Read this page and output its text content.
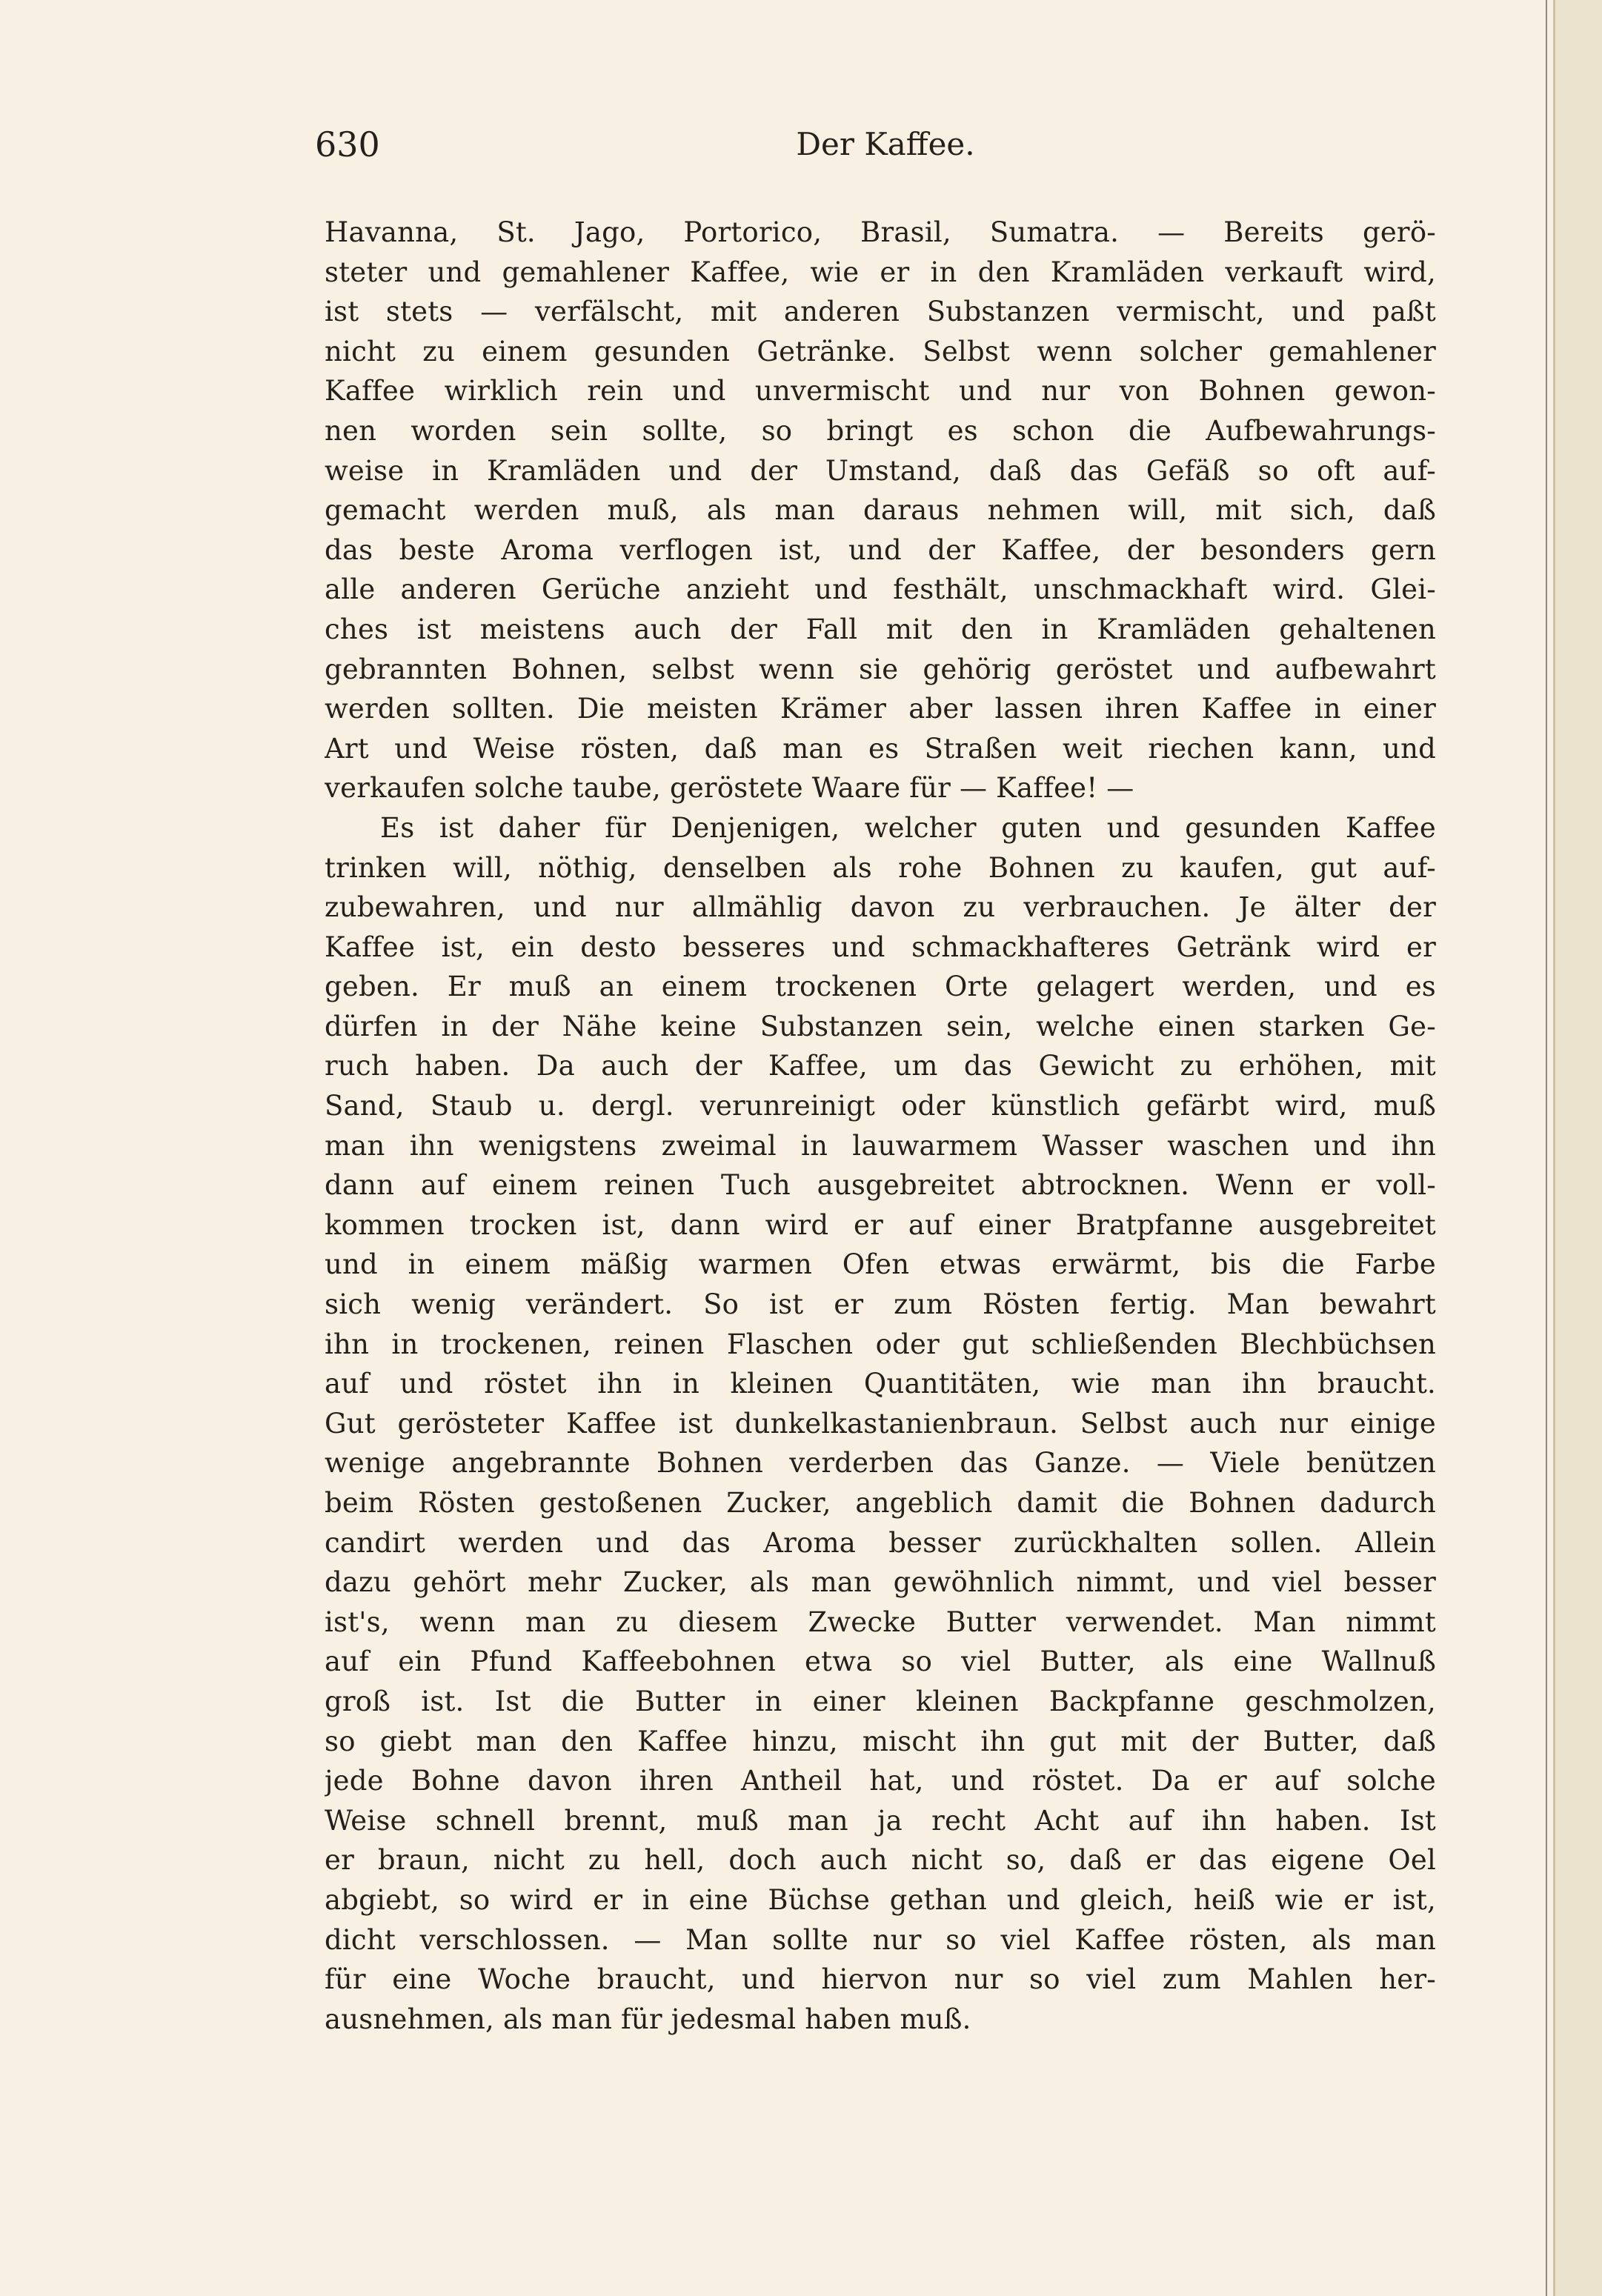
630	Der Kaffee.
Havanna, St. Jago, Portorico, Brasil, Sumatra. — Bereits gerö-
steter und gemahlener Kaffee, wie er in den Kramläden verkauft wird,
ist stets — verfälscht, mit anderen Substanzen vermischt, und paßt
nicht zu einem gesunden Getränke. Selbst wenn solcher gemahlener
Kaffee wirklich rein und unvermischt und nur von Bohnen gewon-
nen worden sein sollte, so bringt es schon die Aufbewahrungs-
weise in Kramläden und der Umstand, daß das Gefäß so oft auf-
gemacht werden muß, als man daraus nehmen will, mit sich, daß
das beste Aroma verflogen ist, und der Kaffee, der besonders gern
alle anderen Gerüche anzieht und festhält, unschmackhaft wird. Glei-
ches ist meistens auch der Fall mit den in Kramläden gehaltenen
gebrannten Bohnen, selbst wenn sie gehörig geröstet und aufbewahrt
werden sollten. Die meisten Krämer aber lassen ihren Kaffee in einer
Art und Weise rösten, daß man es Straßen weit riechen kann, und
verkaufen solche taube, geröstete Waare für — Kaffee! —
Es ist daher für Denjenigen, welcher guten und gesunden Kaffee
trinken will, nöthig, denselben als rohe Bohnen zu kaufen, gut auf-
zubewahren, und nur allmählig davon zu verbrauchen. Je älter der
Kaffee ist, ein desto besseres und schmackhafteres Getränk wird er
geben. Er muß an einem trockenen Orte gelagert werden, und es
dürfen in der Nähe keine Substanzen sein, welche einen starken Ge-
ruch haben. Da auch der Kaffee, um das Gewicht zu erhöhen, mit
Sand, Staub u. dergl. verunreinigt oder künstlich gefärbt wird, muß
man ihn wenigstens zweimal in lauwarmem Wasser waschen und ihn
dann auf einem reinen Tuch ausgebreitet abtrocknen. Wenn er voll-
kommen trocken ist, dann wird er auf einer Bratpfanne ausgebreitet
und in einem mäßig warmen Ofen etwas erwärmt, bis die Farbe
sich wenig verändert. So ist er zum Rösten fertig. Man bewahrt
ihn in trockenen, reinen Flaschen oder gut schließenden Blechbüchsen
auf und röstet ihn in kleinen Quantitäten, wie man ihn braucht.
Gut gerösteter Kaffee ist dunkelkastanienbraun. Selbst auch nur einige
wenige angebrannte Bohnen verderben das Ganze. — Viele benützen
beim Rösten gestoßenen Zucker, angeblich damit die Bohnen dadurch
candirt werden und das Aroma besser zurückhalten sollen. Allein
dazu gehört mehr Zucker, als man gewöhnlich nimmt, und viel besser
ist's, wenn man zu diesem Zwecke Butter verwendet. Man nimmt
auf ein Pfund Kaffeebohnen etwa so viel Butter, als eine Wallnuß
groß ist. Ist die Butter in einer kleinen Backpfanne geschmolzen,
so giebt man den Kaffee hinzu, mischt ihn gut mit der Butter, daß
jede Bohne davon ihren Antheil hat, und röstet. Da er auf solche
Weise schnell brennt, muß man ja recht Acht auf ihn haben. Ist
er braun, nicht zu hell, doch auch nicht so, daß er das eigene Oel
abgiebt, so wird er in eine Büchse gethan und gleich, heiß wie er ist,
dicht verschlossen. — Man sollte nur so viel Kaffee rösten, als man
für eine Woche braucht, und hiervon nur so viel zum Mahlen her-
ausnehmen, als man für jedesmal haben muß.
